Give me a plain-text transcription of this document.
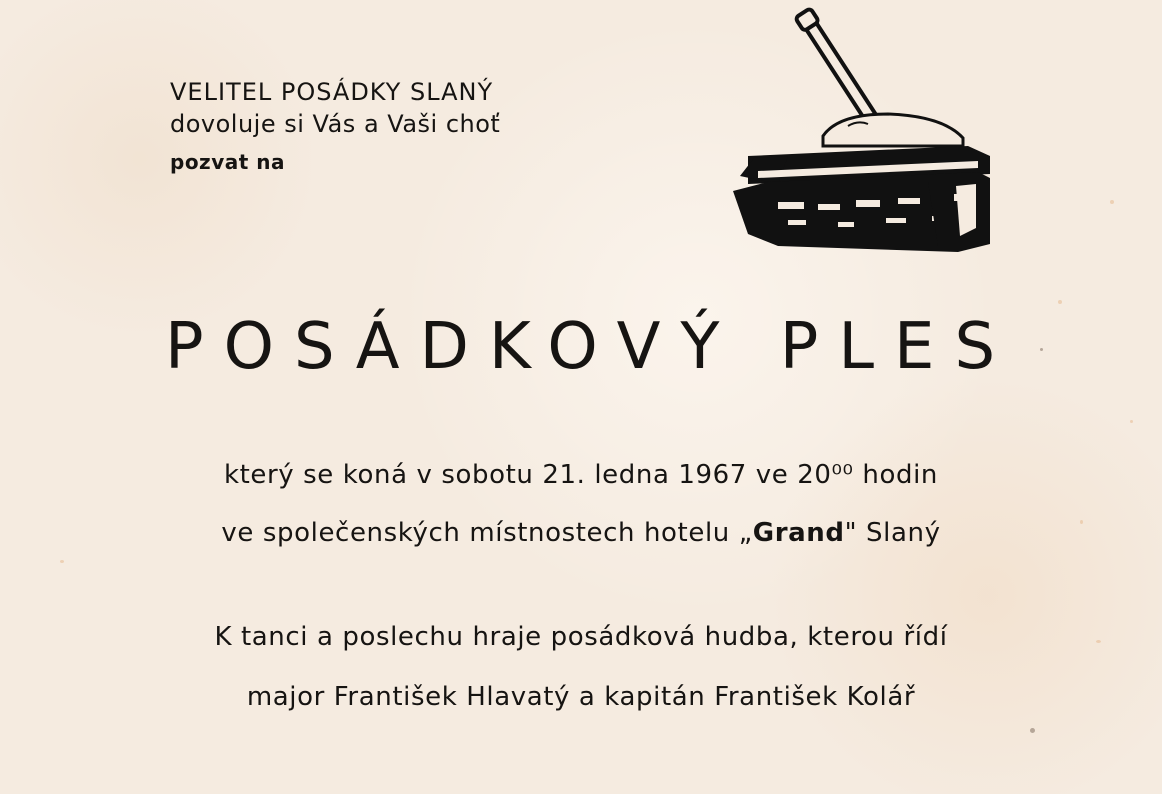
VELITEL POSÁDKY SLANÝ
dovoluje si Vás a Vaši choť
pozvat na
POSÁDKOVÝ PLES
který se koná v sobotu 21. ledna 1967 ve 20⁰⁰ hodin
ve společenských místnostech hotelu „Grand" Slaný
K tanci a poslechu hraje posádková hudba, kterou řídí
major František Hlavatý a kapitán František Kolář
